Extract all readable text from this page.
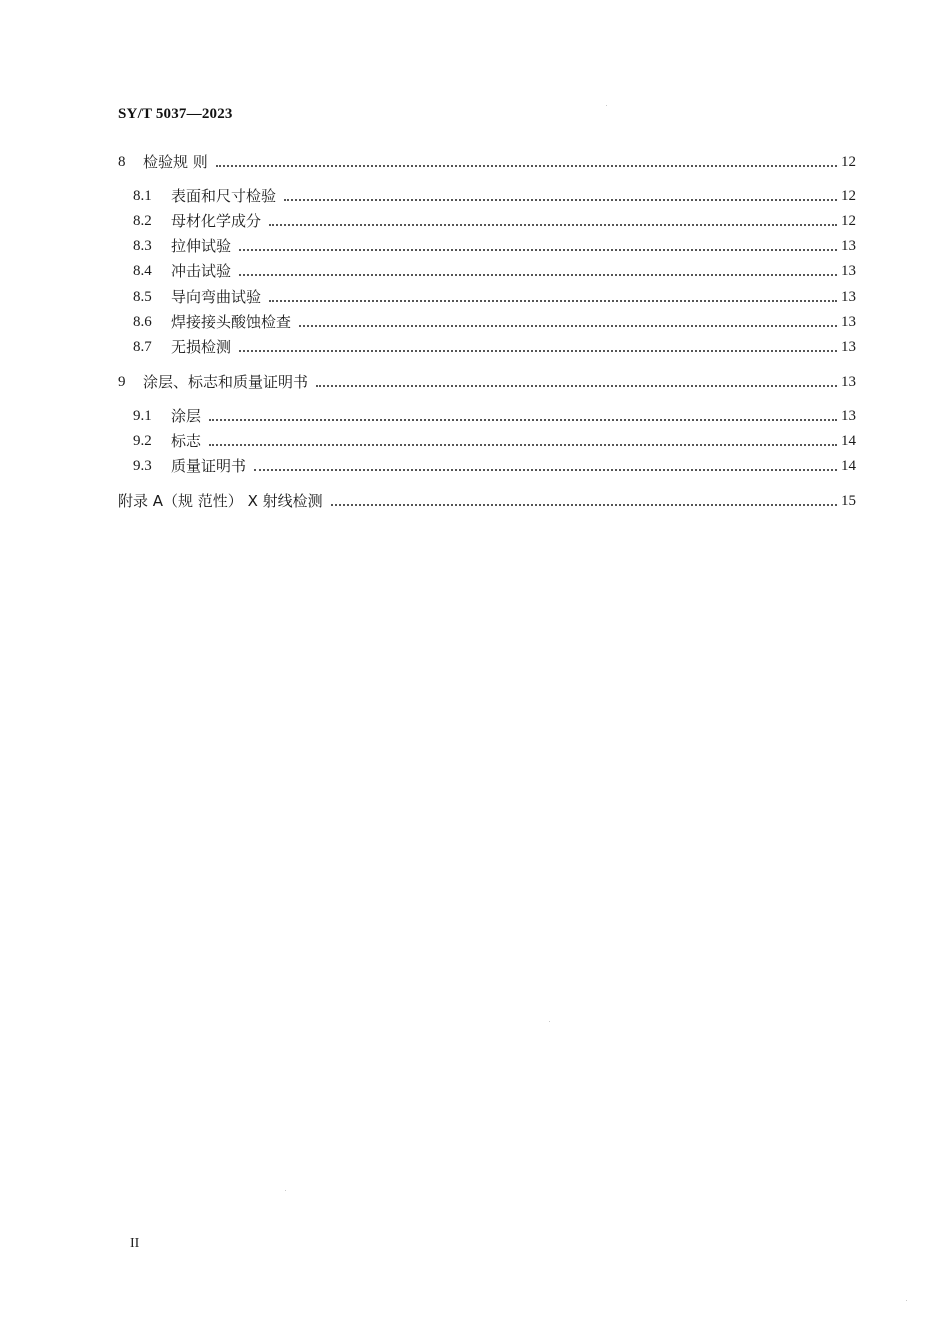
SY/T 5037—2023
8	检验规 则	12
8.1	表面和尺寸检验	12
8.2	母材化学成分	12
8.3	拉伸试验	13
8.4	冲击试验	13
8.5	导向弯曲试验	13
8.6	焊接接头酸蚀检查	13
8.7	无损检测	13
9	涂层、标志和质量证明书	13
9.1	涂层	13
9.2	标志	14
9.3	质量证明书	14
附录 A（规 范性） X 射线检测	15
II
